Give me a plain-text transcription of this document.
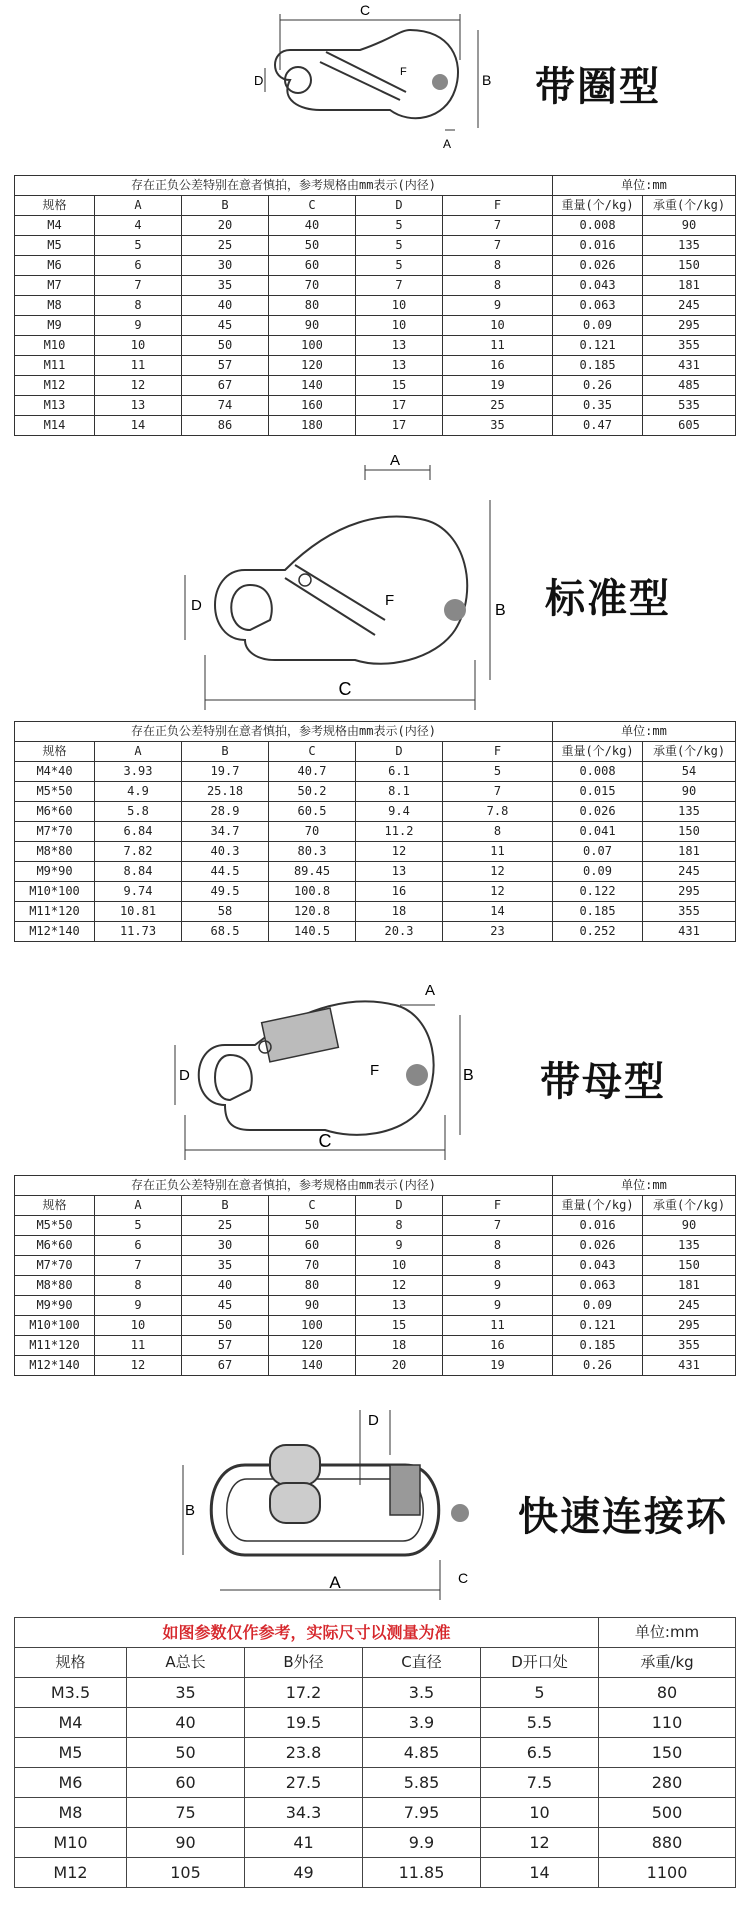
C
D	B
A
F	带圈型
存在正负公差特别在意者慎拍，参考规格由mm表示(内径)						单位:mm	
规格	A	B	C	D	F	重量(个/kg)	承重(个/kg)
M4	4	20	40	5	7	0.008	90
M5	5	25	50	5	7	0.016	135
M6	6	30	60	5	8	0.026	150
M7	7	35	70	7	8	0.043	181
M8	8	40	80	10	9	0.063	245
M9	9	45	90	10	10	0.09	295
M10	10	50	100	13	11	0.121	355
M11	11	57	120	13	16	0.185	431
M12	12	67	140	15	19	0.26	485
M13	13	74	160	17	25	0.35	535
M14	14	86	180	17	35	0.47	605
A
F
B
C
D	标准型
存在正负公差特别在意者慎拍，参考规格由mm表示(内径)						单位:mm	
规格	A	B	C	D	F	重量(个/kg)	承重(个/kg)
M4*40	3.93	19.7	40.7	6.1	5	0.008	54
M5*50	4.9	25.18	50.2	8.1	7	0.015	90
M6*60	5.8	28.9	60.5	9.4	7.8	0.026	135
M7*70	6.84	34.7	70	11.2	8	0.041	150
M8*80	7.82	40.3	80.3	12	11	0.07	181
M9*90	8.84	44.5	89.45	13	12	0.09	245
M10*100	9.74	49.5	100.8	16	12	0.122	295
M11*120	10.81	58	120.8	18	14	0.185	355
M12*140	11.73	68.5	140.5	20.3	23	0.252	431
A
F	B
C
D	带母型
存在正负公差特别在意者慎拍，参考规格由mm表示(内径)						单位:mm	
规格	A	B	C	D	F	重量(个/kg)	承重(个/kg)
M5*50	5	25	50	8	7	0.016	90
M6*60	6	30	60	9	8	0.026	135
M7*70	7	35	70	10	8	0.043	150
M8*80	8	40	80	12	9	0.063	181
M9*90	9	45	90	13	9	0.09	245
M10*100	10	50	100	15	11	0.121	295
M11*120	11	57	120	18	16	0.185	355
M12*140	12	67	140	20	19	0.26	431
D
B
A	C
快速连接环
如图参数仅作参考，实际尺寸以测量为准					单位:mm
规格	A总长	B外径	C直径	D开口处	承重/kg
M3.5	35	17.2	3.5	5	80
M4	40	19.5	3.9	5.5	110
M5	50	23.8	4.85	6.5	150
M6	60	27.5	5.85	7.5	280
M8	75	34.3	7.95	10	500
M10	90	41	9.9	12	880
M12	105	49	11.85	14	1100
